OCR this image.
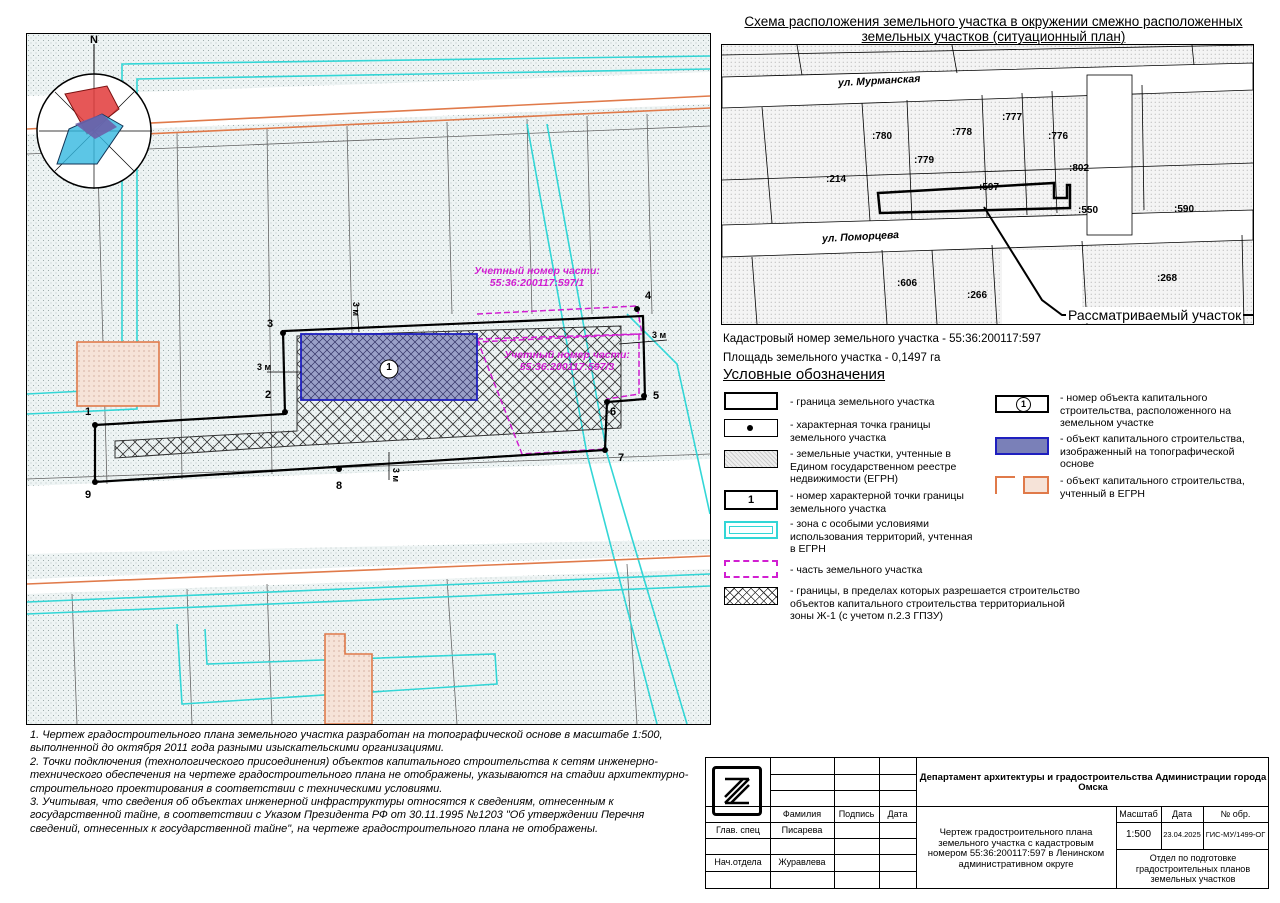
N
1
2
3
4
5
6
7
8
9
3 м
3 м
3 м
3 м
1
Учетный номер части:
55:36:200117:597/1
Учетный номер части:
55:36:200117:597/3
Схема расположения земельного участка в окружении смежно расположенных земельных участков (ситуационный план)
ул. Мурманская
ул. Поморцева
:780	:778
:777
:776
:779
:802
:214
:597
:550	:590
:606
:266
:268
Рассматриваемый участок
Кадастровый номер земельного участка - 55:36:200117:597
Площадь земельного участка - 0,1497 га
Условные обозначения
- граница земельного участка
- характерная точка границы земельного участка
- земельные участки, учтенные в Едином государственном реестре недвижимости (ЕГРН)
1	- номер характерной точки границы земельного участка
- зона с особыми условиями использования территорий, учтенная в ЕГРН
- часть земельного участка
- границы, в пределах которых разрешается строительство объектов капитального строительства территориальной зоны Ж-1 (с учетом п.2.3 ГПЗУ)
1	- номер объекта капитального строительства, расположенного на земельном участке
- объект капитального строительства, изображенный на топографической основе
- объект капитального строительства, учтенный в ЕГРН
1. Чертеж градостроительного плана земельного участка разработан на топографической основе в масштабе 1:500, выполненной до октября 2011 года разными изыскательскими организациями.
2. Точки подключения (технологического присоединения) объектов капитального строительства к сетям инженерно-технического обеспечения на чертеже градостроительного плана не отображены, указываются на стадии архитектурно-строительного проектирования в соответствии с техническими условиями.
3. Учитывая, что сведения об объектах инженерной инфраструктуры относятся к сведениям, отнесенным к государственной тайне, в соответствии с Указом Президента РФ от 30.11.1995 №1203 "Об утверждении Перечня сведений, отнесенных к государственной тайне", на чертеже градостроительного плана не отображены.
Фамилия	Подпись	Дата
Глав. спец	Писарева
Нач.отдела	Журавлева
Департамент архитектуры и градостроительства Администрации города Омска
Чертеж градостроительного плана земельного участка с кадастровым номером 55:36:200117:597 в Ленинском административном округе
Масштаб	Дата	№ обр.
1:500	23.04.2025 ГИС-МУ/1499-ОГ
Отдел по подготовке градостроительных планов земельных участков
